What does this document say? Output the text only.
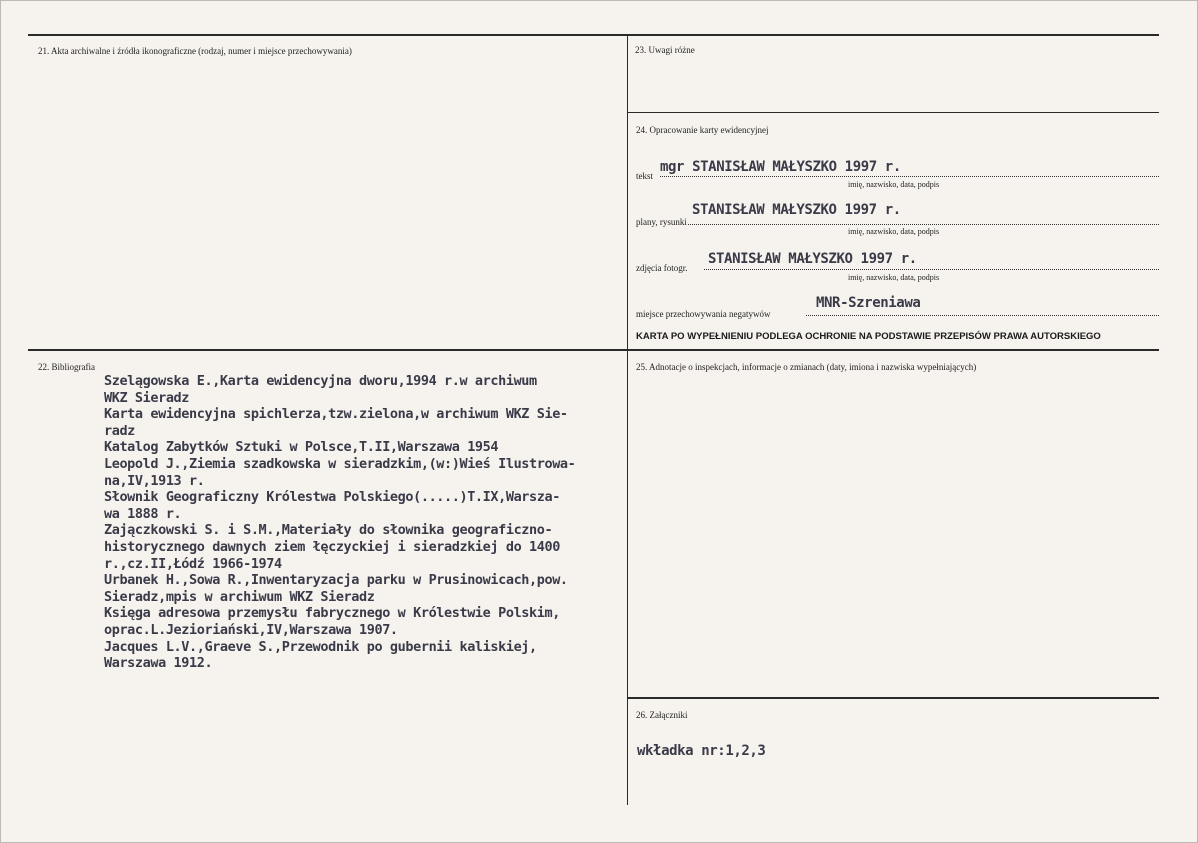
21. Akta archiwalne i źródła ikonograficzne (rodzaj, numer i miejsce przechowywania)	23. Uwagi różne
24. Opracowanie karty ewidencyjnej
tekst
mgr STANISŁAW MAŁYSZKO 1997 r.
imię, nazwisko, data, podpis
plany, rysunki
STANISŁAW MAŁYSZKO 1997 r.
imię, nazwisko, data, podpis
zdjęcia fotogr.
STANISŁAW MAŁYSZKO 1997 r.
imię, nazwisko, data, podpis
miejsce przechowywania negatywów
MNR-Szreniawa
KARTA PO WYPEŁNIENIU PODLEGA OCHRONIE NA PODSTAWIE PRZEPISÓW PRAWA AUTORSKIEGO
22. Bibliografia
Szelągowska E.,Karta ewidencyjna dworu,1994 r.w archiwum
WKZ Sieradz
Karta ewidencyjna spichlerza,tzw.zielona,w archiwum WKZ Sie-
radz
Katalog Zabytków Sztuki w Polsce,T.II,Warszawa 1954
Leopold J.,Ziemia szadkowska w sieradzkim,(w:)Wieś Ilustrowa-
na,IV,1913 r.
Słownik Geograficzny Królestwa Polskiego(.....)T.IX,Warsza-
wa 1888 r.
Zajączkowski S. i S.M.,Materiały do słownika geograficzno-
historycznego dawnych ziem łęczyckiej i sieradzkiej do 1400
r.,cz.II,Łódź 1966-1974
Urbanek H.,Sowa R.,Inwentaryzacja parku w Prusinowicach,pow.
Sieradz,mpis w archiwum WKZ Sieradz
Księga adresowa przemysłu fabrycznego w Królestwie Polskim,
oprac.L.Jezioriański,IV,Warszawa 1907.
Jacques L.V.,Graeve S.,Przewodnik po gubernii kaliskiej,
Warszawa 1912.
25. Adnotacje o inspekcjach, informacje o zmianach (daty, imiona i nazwiska wypełniających)
26. Załączniki
wkładka nr:1,2,3
